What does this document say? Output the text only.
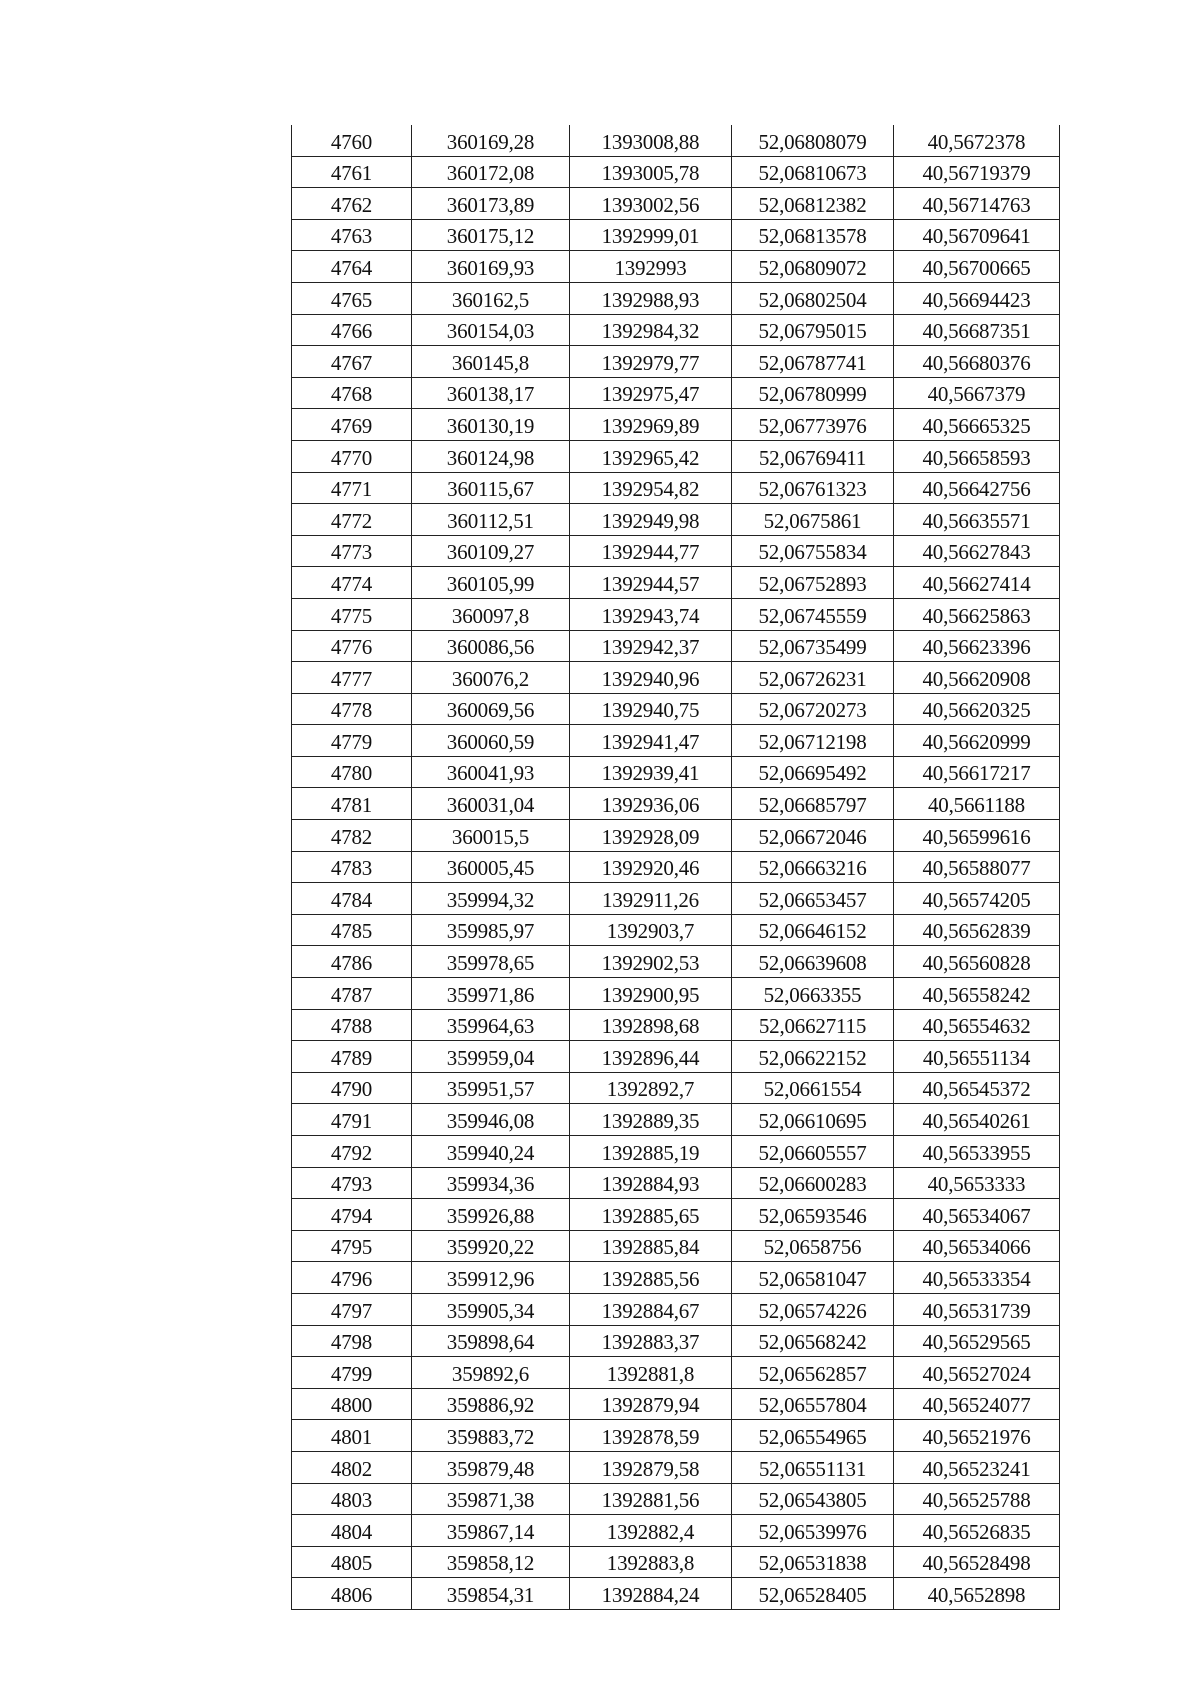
4760	360169,28	1393008,88	52,06808079	40,5672378
4761	360172,08	1393005,78	52,06810673	40,56719379
4762	360173,89	1393002,56	52,06812382	40,56714763
4763	360175,12	1392999,01	52,06813578	40,56709641
4764	360169,93	1392993	52,06809072	40,56700665
4765	360162,5	1392988,93	52,06802504	40,56694423
4766	360154,03	1392984,32	52,06795015	40,56687351
4767	360145,8	1392979,77	52,06787741	40,56680376
4768	360138,17	1392975,47	52,06780999	40,5667379
4769	360130,19	1392969,89	52,06773976	40,56665325
4770	360124,98	1392965,42	52,06769411	40,56658593
4771	360115,67	1392954,82	52,06761323	40,56642756
4772	360112,51	1392949,98	52,0675861	40,56635571
4773	360109,27	1392944,77	52,06755834	40,56627843
4774	360105,99	1392944,57	52,06752893	40,56627414
4775	360097,8	1392943,74	52,06745559	40,56625863
4776	360086,56	1392942,37	52,06735499	40,56623396
4777	360076,2	1392940,96	52,06726231	40,56620908
4778	360069,56	1392940,75	52,06720273	40,56620325
4779	360060,59	1392941,47	52,06712198	40,56620999
4780	360041,93	1392939,41	52,06695492	40,56617217
4781	360031,04	1392936,06	52,06685797	40,5661188
4782	360015,5	1392928,09	52,06672046	40,56599616
4783	360005,45	1392920,46	52,06663216	40,56588077
4784	359994,32	1392911,26	52,06653457	40,56574205
4785	359985,97	1392903,7	52,06646152	40,56562839
4786	359978,65	1392902,53	52,06639608	40,56560828
4787	359971,86	1392900,95	52,0663355	40,56558242
4788	359964,63	1392898,68	52,06627115	40,56554632
4789	359959,04	1392896,44	52,06622152	40,56551134
4790	359951,57	1392892,7	52,0661554	40,56545372
4791	359946,08	1392889,35	52,06610695	40,56540261
4792	359940,24	1392885,19	52,06605557	40,56533955
4793	359934,36	1392884,93	52,06600283	40,5653333
4794	359926,88	1392885,65	52,06593546	40,56534067
4795	359920,22	1392885,84	52,0658756	40,56534066
4796	359912,96	1392885,56	52,06581047	40,56533354
4797	359905,34	1392884,67	52,06574226	40,56531739
4798	359898,64	1392883,37	52,06568242	40,56529565
4799	359892,6	1392881,8	52,06562857	40,56527024
4800	359886,92	1392879,94	52,06557804	40,56524077
4801	359883,72	1392878,59	52,06554965	40,56521976
4802	359879,48	1392879,58	52,06551131	40,56523241
4803	359871,38	1392881,56	52,06543805	40,56525788
4804	359867,14	1392882,4	52,06539976	40,56526835
4805	359858,12	1392883,8	52,06531838	40,56528498
4806	359854,31	1392884,24	52,06528405	40,5652898
